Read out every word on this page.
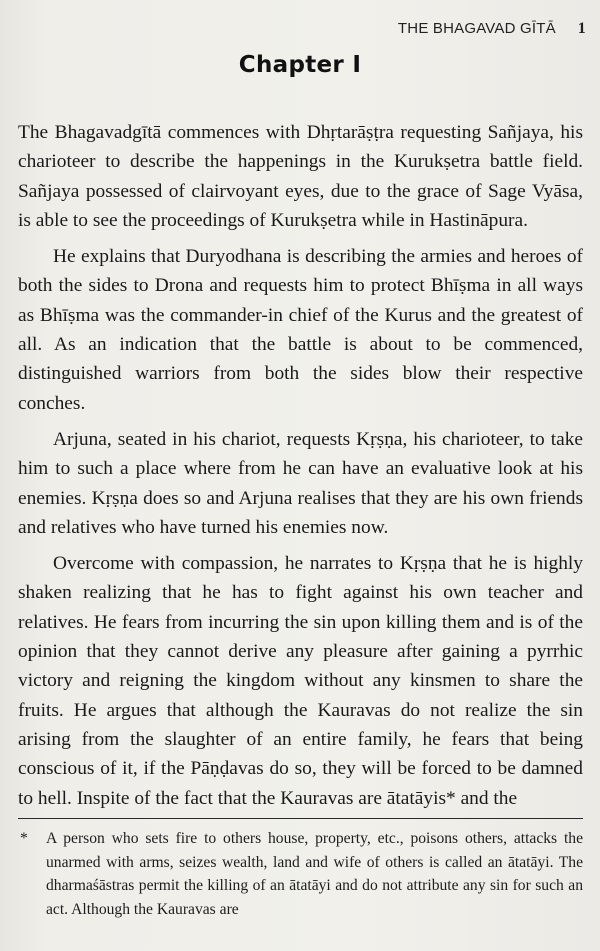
THE BHAGAVAD GĪTĀ 1
Chapter I

The Bhagavadgītā commences with Dhṛtarāṣṭra requesting Sañjaya, his charioteer to describe the happenings in the Kurukṣetra battle field. Sañjaya possessed of clairvoyant eyes, due to the grace of Sage Vyāsa, is able to see the proceedings of Kurukṣetra while in Hastināpura.

He explains that Duryodhana is describing the armies and heroes of both the sides to Drona and requests him to protect Bhīṣma in all ways as Bhīṣma was the commander-in chief of the Kurus and the greatest of all. As an indication that the battle is about to be commenced, distinguished warriors from both the sides blow their respective conches.

Arjuna, seated in his chariot, requests Kṛṣṇa, his charioteer, to take him to such a place where from he can have an evaluative look at his enemies. Kṛṣṇa does so and Arjuna realises that they are his own friends and relatives who have turned his enemies now.

Overcome with compassion, he narrates to Kṛṣṇa that he is highly shaken realizing that he has to fight against his own teacher and relatives. He fears from incurring the sin upon killing them and is of the opinion that they cannot derive any pleasure after gaining a pyrrhic victory and reigning the kingdom without any kinsmen to share the fruits. He argues that although the Kauravas do not realize the sin arising from the slaughter of an entire family, he fears that being conscious of it, if the Pāṇḍavas do so, they will be forced to be damned to hell. Inspite of the fact that the Kauravas are ātatāyis* and the

* A person who sets fire to others house, property, etc., poisons others, attacks the unarmed with arms, seizes wealth, land and wife of others is called an ātatāyi. The dharmaśāstras permit the killing of an ātatāyi and do not attribute any sin for such an act. Although the Kauravas are
